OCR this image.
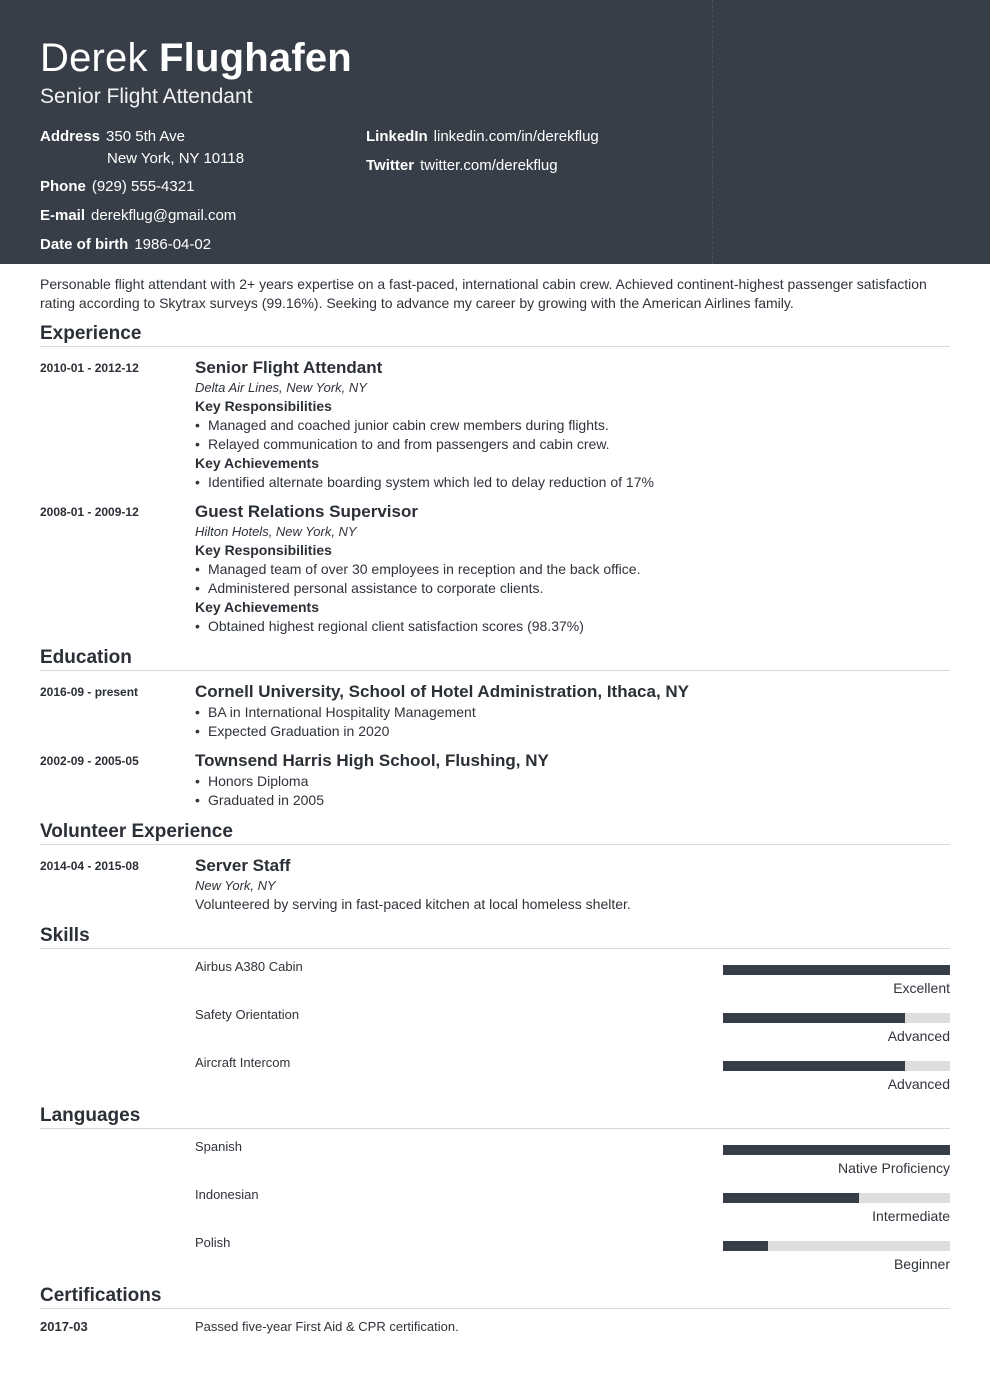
Derek Flughafen
Senior Flight Attendant
Address 350 5th Ave
New York, NY 10118
Phone (929) 555-4321
E-mail derekflug@gmail.com
Date of birth 1986-04-02
LinkedIn linkedin.com/in/derekflug
Twitter twitter.com/derekflug
Personable flight attendant with 2+ years expertise on a fast-paced, international cabin crew. Achieved continent-highest passenger satisfaction
rating according to Skytrax surveys (99.16%). Seeking to advance my career by growing with the American Airlines family.
Experience
2010-01 - 2012-12	Senior Flight Attendant
Delta Air Lines, New York, NY
Key Responsibilities
• Managed and coached junior cabin crew members during flights.
• Relayed communication to and from passengers and cabin crew.
Key Achievements
• Identified alternate boarding system which led to delay reduction of 17%
2008-01 - 2009-12	Guest Relations Supervisor
Hilton Hotels, New York, NY
Key Responsibilities
• Managed team of over 30 employees in reception and the back office.
• Administered personal assistance to corporate clients.
Key Achievements
• Obtained highest regional client satisfaction scores (98.37%)
Education
2016-09 - present	Cornell University, School of Hotel Administration, Ithaca, NY
• BA in International Hospitality Management
• Expected Graduation in 2020
2002-09 - 2005-05	Townsend Harris High School, Flushing, NY
• Honors Diploma
• Graduated in 2005
Volunteer Experience
2014-04 - 2015-08	Server Staff
New York, NY
Volunteered by serving in fast-paced kitchen at local homeless shelter.
Skills
Airbus A380 Cabin
Excellent
Safety Orientation
Advanced
Aircraft Intercom
Advanced
Languages
Spanish
Native Proficiency
Indonesian
Intermediate
Polish
Beginner
Certifications
2017-03	Passed five-year First Aid & CPR certification.
